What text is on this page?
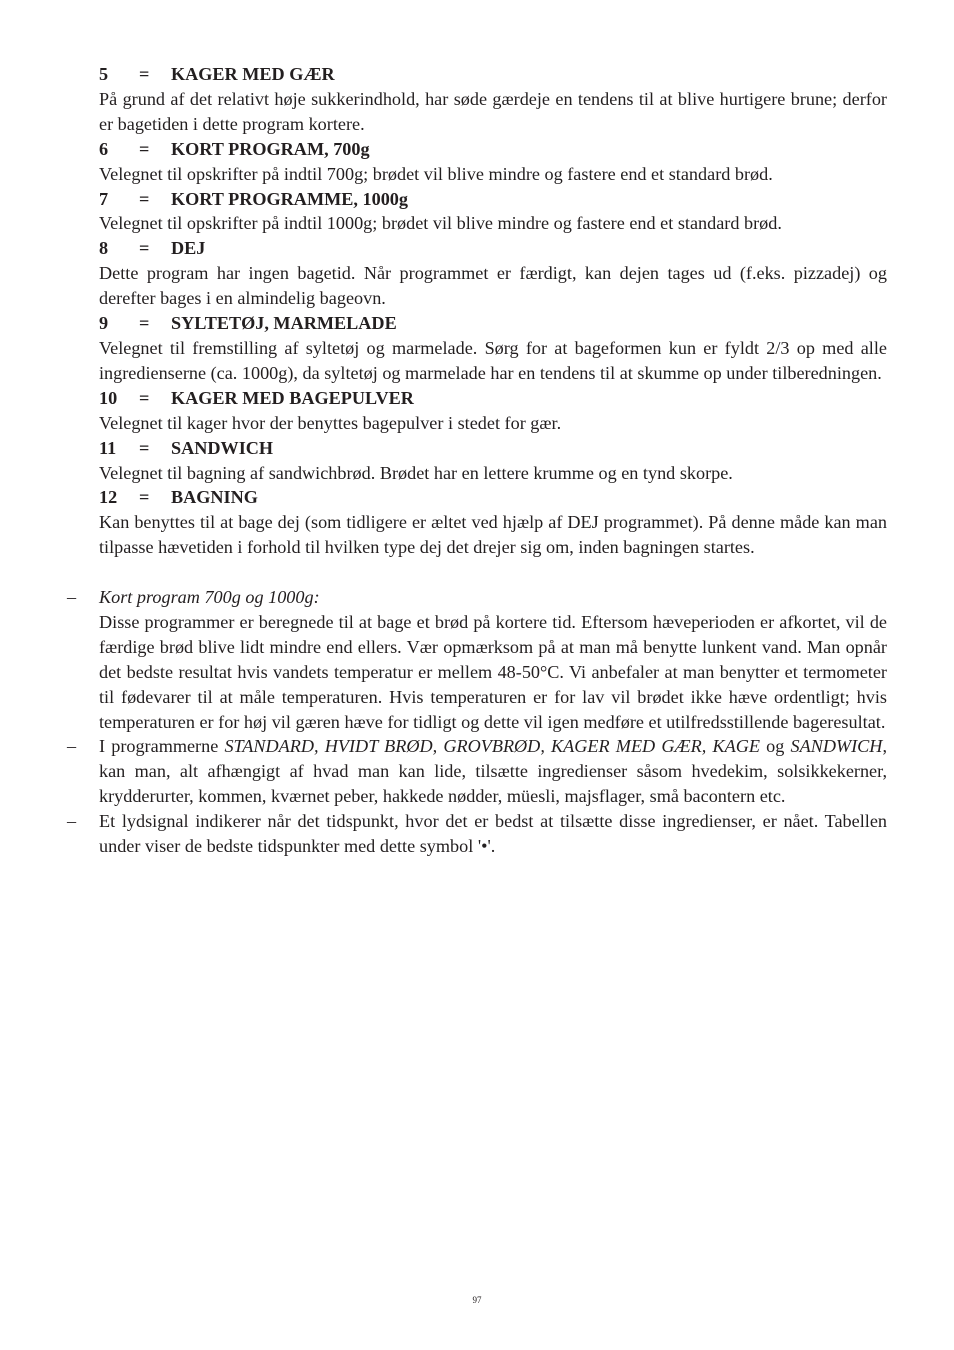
5	=	KAGER MED GÆR
På grund af det relativt høje sukkerindhold, har søde gærdeje en tendens til at blive hurtigere brune; derfor er bagetiden i dette program kortere.
6	=	KORT PROGRAM, 700g
Velegnet til opskrifter på indtil 700g; brødet vil blive mindre og fastere end et standard brød.
7	=	KORT PROGRAMME, 1000g
Velegnet til opskrifter på indtil 1000g; brødet vil blive mindre og fastere end et standard brød.
8	=	DEJ
Dette program har ingen bagetid. Når programmet er færdigt, kan dejen tages ud (f.eks. pizzadej) og derefter bages i en almindelig bageovn.
9	=	SYLTETØJ, MARMELADE
Velegnet til fremstilling af syltetøj og marmelade. Sørg for at bageformen kun er fyldt 2/3 op med alle ingredienserne (ca. 1000g), da syltetøj og marmelade har en tendens til at skumme op under tilberedningen.
10	=	KAGER MED BAGEPULVER
Velegnet til kager hvor der benyttes bagepulver i stedet for gær.
11	=	SANDWICH
Velegnet til bagning af sandwichbrød. Brødet har en lettere krumme og en tynd skorpe.
12	=	BAGNING
Kan benyttes til at bage dej (som tidligere er æltet ved hjælp af DEJ programmet). På denne måde kan man tilpasse hævetiden i forhold til hvilken type dej det drejer sig om, inden bagningen startes.
– Kort program 700g og 1000g:
Disse programmer er beregnede til at bage et brød på kortere tid. Eftersom hæveperioden er afkortet, vil de færdige brød blive lidt mindre end ellers. Vær opmærksom på at man må benytte lunkent vand. Man opnår det bedste resultat hvis vandets temperatur er mellem 48-50°C. Vi anbefaler at man benytter et termometer til fødevarer til at måle temperaturen. Hvis temperaturen er for lav vil brødet ikke hæve ordentligt; hvis temperaturen er for høj vil gæren hæve for tidligt og dette vil igen medføre et utilfredsstillende bageresultat.
– I programmerne STANDARD, HVIDT BRØD, GROVBRØD, KAGER MED GÆR, KAGE og SANDWICH, kan man, alt afhængigt af hvad man kan lide, tilsætte ingredienser såsom hvedekim, solsikkekerner, krydderurter, kommen, kværnet peber, hakkede nødder, müesli, majsflager, små bacontern etc.
– Et lydsignal indikerer når det tidspunkt, hvor det er bedst at tilsætte disse ingredienser, er nået. Tabellen under viser de bedste tidspunkter med dette symbol '•'.
97
